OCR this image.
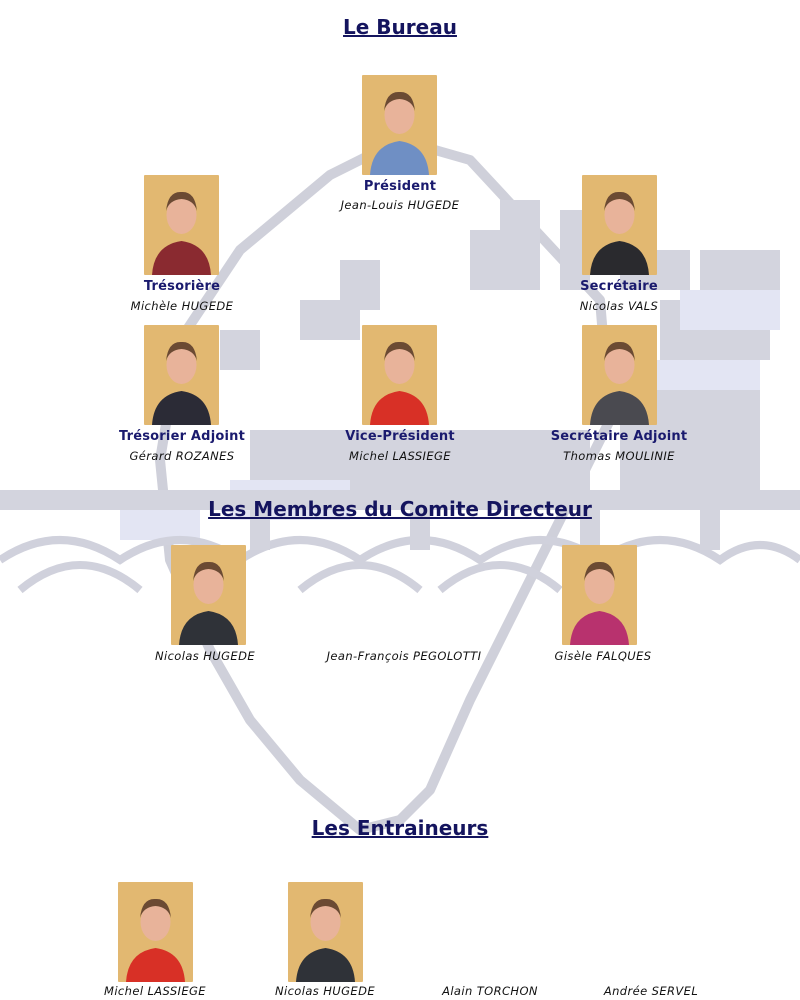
Le Bureau
Les Membres du Comite Directeur
Les Entraineurs
Président
Jean-Louis HUGEDE
Trésorière
Michèle HUGEDE
Secrétaire
Nicolas VALS
Trésorier Adjoint
Gérard ROZANES
Vice-Président
Michel LASSIEGE
Secrétaire Adjoint
Thomas MOULINIE
Nicolas HUGEDE	Jean-François PEGOLOTTI	Gisèle FALQUES
Michel LASSIEGE	Nicolas HUGEDE	Alain TORCHON	Andrée SERVEL
